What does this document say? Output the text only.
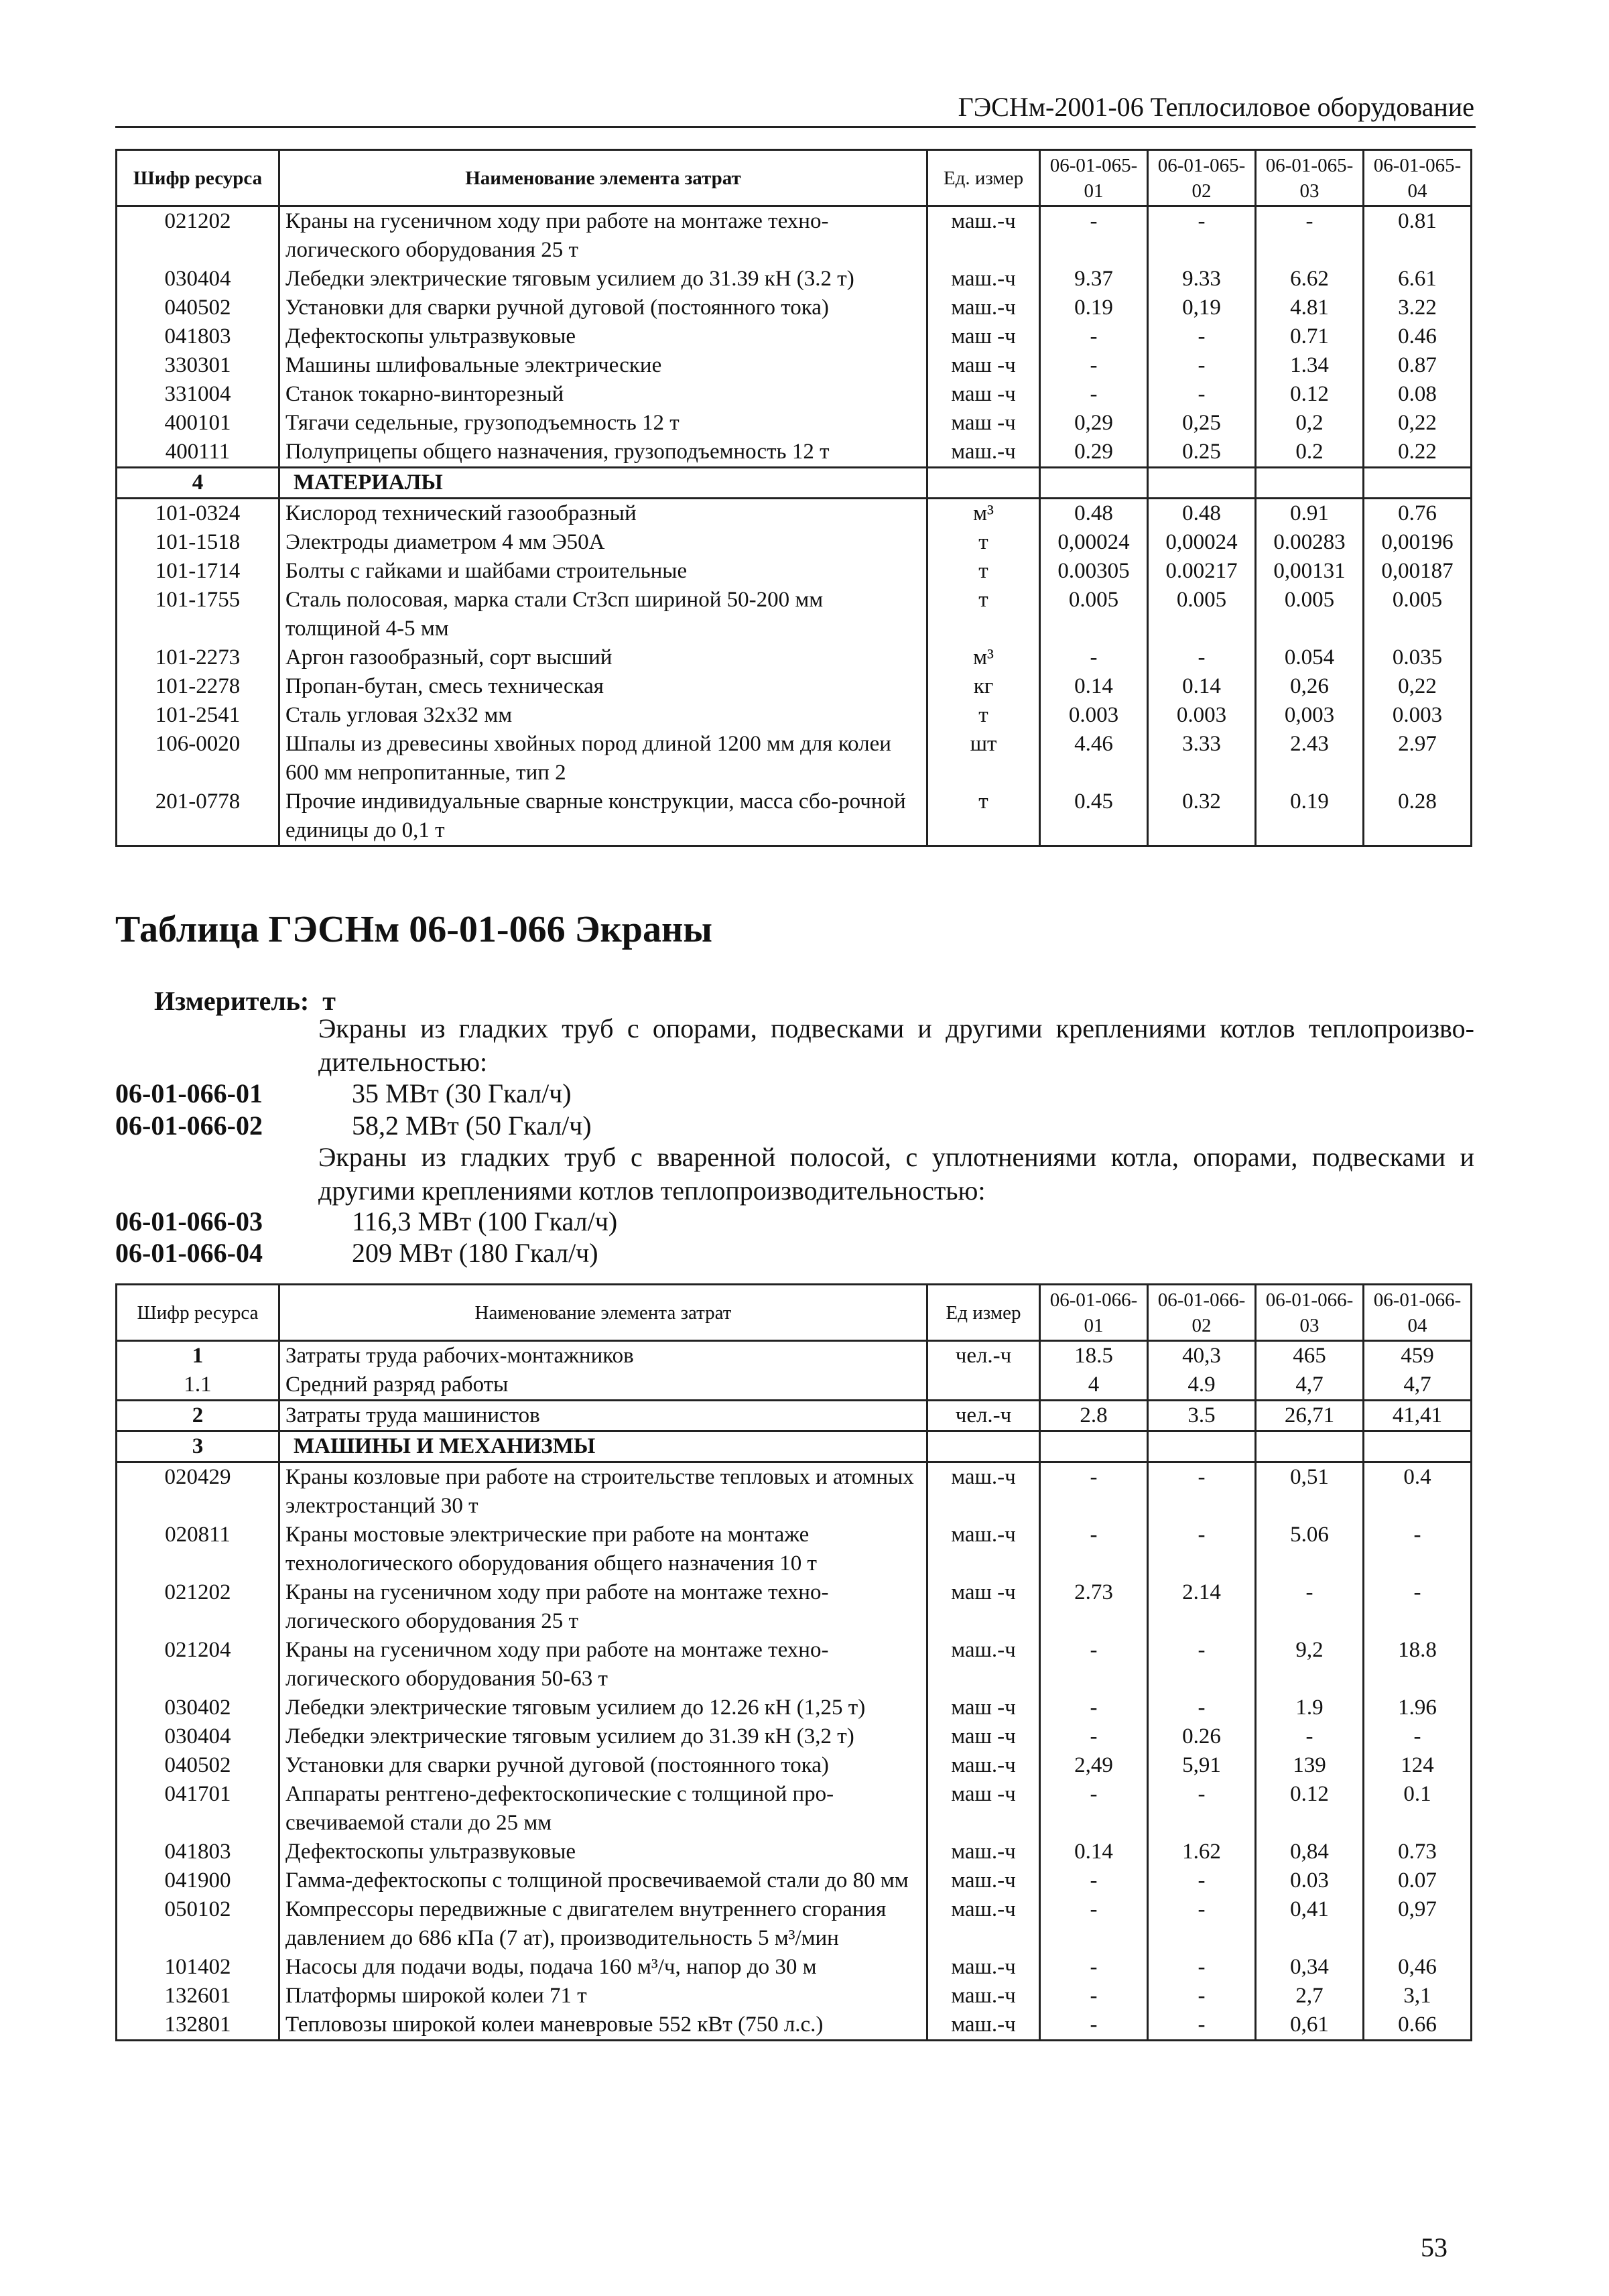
ГЭСНм-2001-06 Теплосиловое оборудование
Шифр ресурса	Наименование элемента затрат	Ед. измер	06-01-065-01	06-01-065-02	06-01-065-03	06-01-065-04
021202	Краны на гусеничном ходу при работе на монтаже техно-логического оборудования 25 т	маш.-ч	-	-	-	0.81
030404	Лебедки электрические тяговым усилием до 31.39 кН (3.2 т)	маш.-ч	9.37	9.33	6.62	6.61
040502	Установки для сварки ручной дуговой (постоянного тока)	маш.-ч	0.19	0,19	4.81	3.22
041803	Дефектоскопы ультразвуковые	маш -ч	-	-	0.71	0.46
330301	Машины шлифовальные электрические	маш -ч	-	-	1.34	0.87
331004	Станок токарно-винторезный	маш -ч	-	-	0.12	0.08
400101	Тягачи седельные, грузоподъемность 12 т	маш -ч	0,29	0,25	0,2	0,22
400111	Полуприцепы общего назначения, грузоподъемность 12 т	маш.-ч	0.29	0.25	0.2	0.22
4	МАТЕРИАЛЫ					
101-0324	Кислород технический газообразный	м³	0.48	0.48	0.91	0.76
101-1518	Электроды диаметром 4 мм Э50А	т	0,00024	0,00024	0.00283	0,00196
101-1714	Болты с гайками и шайбами строительные	т	0.00305	0.00217	0,00131	0,00187
101-1755	Сталь полосовая, марка стали Ст3сп шириной 50-200 мм толщиной 4-5 мм	т	0.005	0.005	0.005	0.005
101-2273	Аргон газообразный, сорт высший	м³	-	-	0.054	0.035
101-2278	Пропан-бутан, смесь техническая	кг	0.14	0.14	0,26	0,22
101-2541	Сталь угловая 32х32 мм	т	0.003	0.003	0,003	0.003
106-0020	Шпалы из древесины хвойных пород длиной 1200 мм для колеи 600 мм непропитанные, тип 2	шт	4.46	3.33	2.43	2.97
201-0778	Прочие индивидуальные сварные конструкции, масса сбо-рочной единицы до 0,1 т	т	0.45	0.32	0.19	0.28
Таблица ГЭСНм 06-01-066 Экраны
Измеритель: т
Экраны из гладких труб с опорами, подвесками и другими креплениями котлов теплопроизво-дительностью:
06-01-066-01	35 МВт (30 Гкал/ч)
06-01-066-02	58,2 МВт (50 Гкал/ч)
Экраны из гладких труб с вваренной полосой, с уплотнениями котла, опорами, подвесками и другими креплениями котлов теплопроизводительностью:
06-01-066-03	116,3 МВт (100 Гкал/ч)
06-01-066-04	209 МВт (180 Гкал/ч)
Шифр ресурса	Наименование элемента затрат	Ед измер	06-01-066-01	06-01-066-02	06-01-066-03	06-01-066-04
1	Затраты труда рабочих-монтажников	чел.-ч	18.5	40,3	465	459
1.1	Средний разряд работы		4	4.9	4,7	4,7
2	Затраты труда машинистов	чел.-ч	2.8	3.5	26,71	41,41
3	МАШИНЫ И МЕХАНИЗМЫ					
020429	Краны козловые при работе на строительстве тепловых и атомных электростанций 30 т	маш.-ч	-	-	0,51	0.4
020811	Краны мостовые электрические при работе на монтаже технологического оборудования общего назначения 10 т	маш.-ч	-	-	5.06	-
021202	Краны на гусеничном ходу при работе на монтаже техно-логического оборудования 25 т	маш -ч	2.73	2.14	-	-
021204	Краны на гусеничном ходу при работе на монтаже техно-логического оборудования 50-63 т	маш.-ч	-	-	9,2	18.8
030402	Лебедки электрические тяговым усилием до 12.26 кН (1,25 т)	маш -ч	-	-	1.9	1.96
030404	Лебедки электрические тяговым усилием до 31.39 кН (3,2 т)	маш -ч	-	0.26	-	-
040502	Установки для сварки ручной дуговой (постоянного тока)	маш.-ч	2,49	5,91	139	124
041701	Аппараты рентгено-дефектоскопические с толщиной про-свечиваемой стали до 25 мм	маш -ч	-	-	0.12	0.1
041803	Дефектоскопы ультразвуковые	маш.-ч	0.14	1.62	0,84	0.73
041900	Гамма-дефектоскопы с толщиной просвечиваемой стали до 80 мм	маш.-ч	-	-	0.03	0.07
050102	Компрессоры передвижные с двигателем внутреннего сгорания давлением до 686 кПа (7 ат), производительность 5 м³/мин	маш.-ч	-	-	0,41	0,97
101402	Насосы для подачи воды, подача 160 м³/ч, напор до 30 м	маш.-ч	-	-	0,34	0,46
132601	Платформы широкой колеи 71 т	маш.-ч	-	-	2,7	3,1
132801	Тепловозы широкой колеи маневровые 552 кВт (750 л.с.)	маш.-ч	-	-	0,61	0.66
53
